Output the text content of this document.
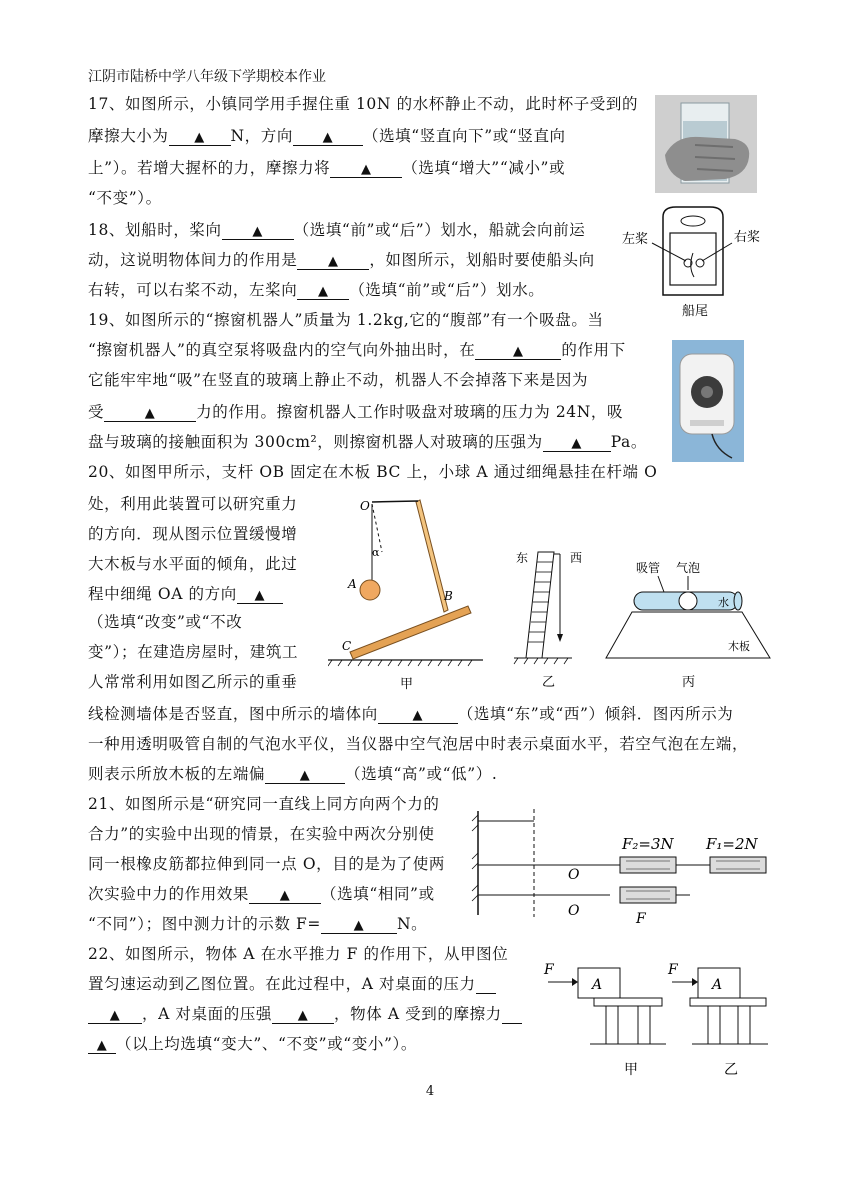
江阴市陆桥中学八年级下学期校本作业
17、如图所示，小镇同学用手握住重 10N 的水杯静止不动，此时杯子受到的
摩擦大小为 ▲ N，方向 ▲ （选填“竖直向下”或“竖直向
上”）。若增大握杯的力，摩擦力将 ▲ （选填“增大”“减小”或
“不变”）。
18、划船时，桨向 ▲ （选填“前”或“后”）划水，船就会向前运
动，这说明物体间力的作用是 ▲ ，如图所示，划船时要使船头向
右转，可以右桨不动，左桨向 ▲ （选填“前”或“后”）划水。
左桨	右桨
船尾
19、如图所示的“擦窗机器人”质量为 1.2kg,它的“腹部”有一个吸盘。当
“擦窗机器人”的真空泵将吸盘内的空气向外抽出时，在	▲ 的作用下
它能牢牢地“吸”在竖直的玻璃上静止不动，机器人不会掉落下来是因为
受	▲	力的作用。擦窗机器人工作时吸盘对玻璃的压力为 24N，吸
盘与玻璃的接触面积为 300cm²，则擦窗机器人对玻璃的压强为 ▲ Pa。
20、如图甲所示，支杆 OB 固定在木板 BC 上，小球 A 通过细绳悬挂在杆端 O
处，利用此装置可以研究重力
的方向．现从图示位置缓慢增
大木板与水平面的倾角，此过
程中细绳 OA 的方向 ▲
（选填“改变”或“不改
变”）；在建造房屋时，建筑工
人常常利用如图乙所示的重垂
线检测墙体是否竖直，图中所示的墙体向	▲ （选填“东”或“西”）倾斜．图丙所示为
一种用透明吸管自制的气泡水平仪，当仪器中空气泡居中时表示桌面水平，若空气泡在左端，
则表示所放木板的左端偏	▲ （选填“高”或“低”）.
O
α
A
B
C
甲
东	西
乙
吸管 气泡
水
木板
丙
21、如图所示是“研究同一直线上同方向两个力的
合力”的实验中出现的情景，在实验中两次分别使
同一根橡皮筋都拉伸到同一点 O，目的是为了使两
次实验中力的作用效果 ▲ （选填“相同”或
“不同”）；图中测力计的示数 F=	▲ N。
F₂=3N F₁=2N
O
O	F
22、如图所示，物体 A 在水平推力 F 的作用下，从甲图位
置匀速运动到乙图位置。在此过程中，A 对桌面的压力
▲ ，A 对桌面的压强 ▲ ，物体 A 受到的摩擦力
▲ （以上均选填“变大”、“不变”或“变小”）。
F
A
甲
F
A
乙
4
